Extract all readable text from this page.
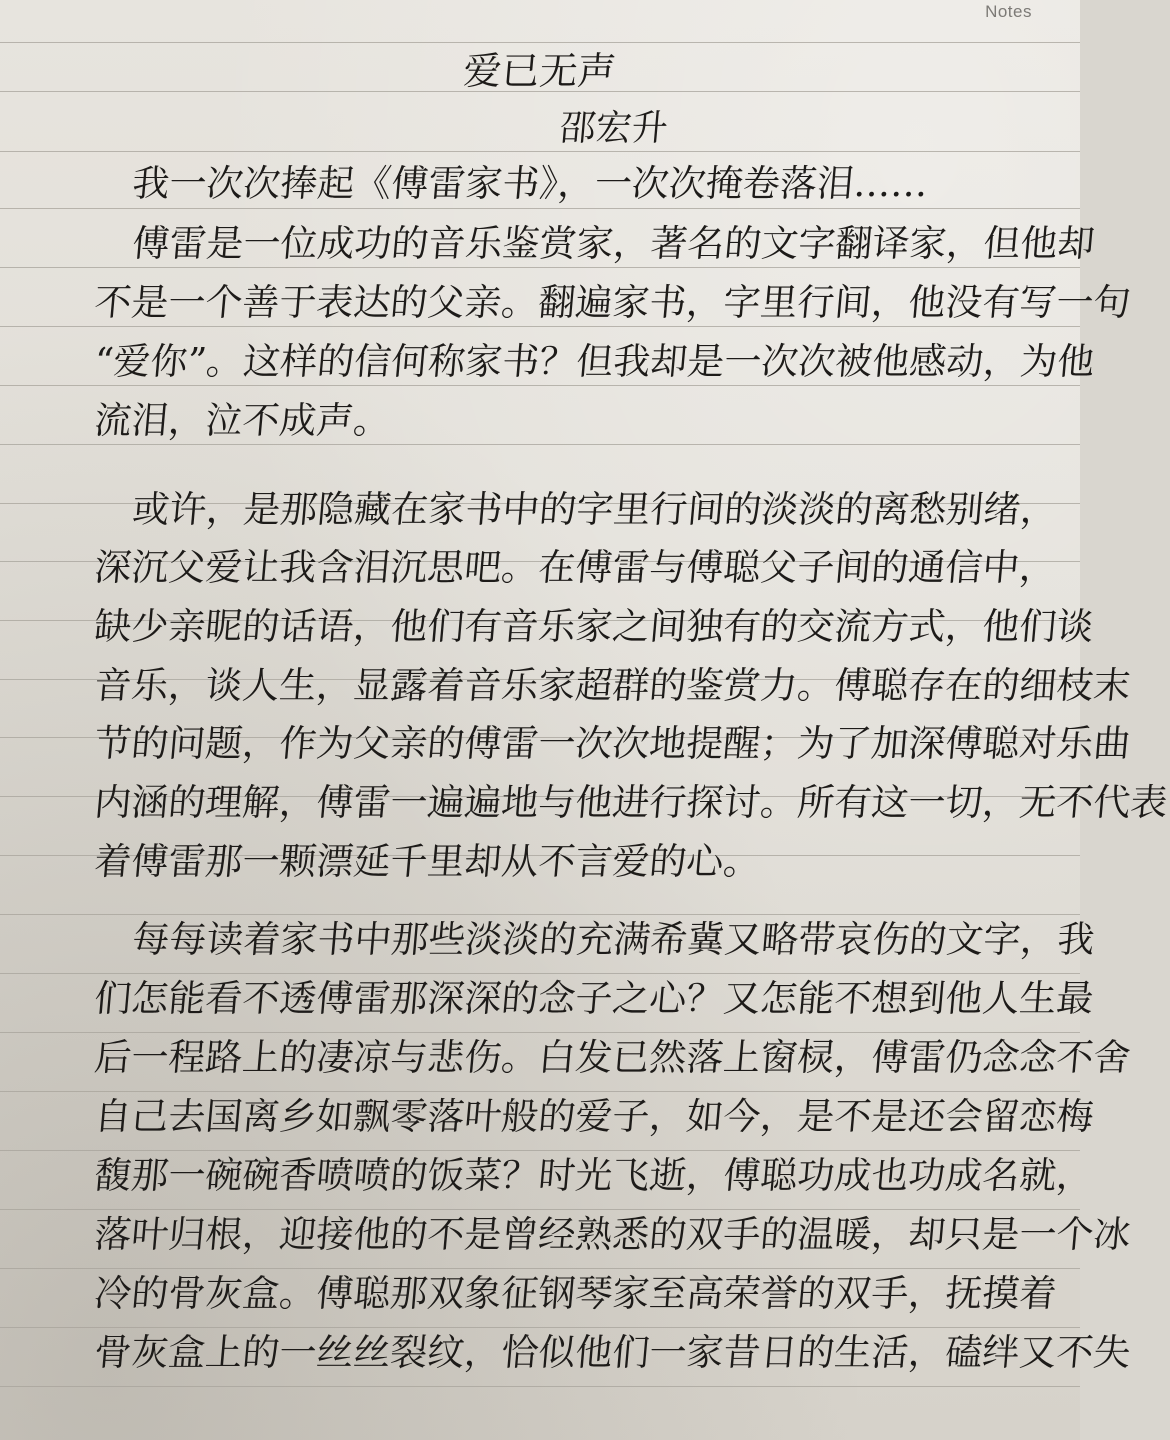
Notes
爱已无声
邵宏升
我一次次捧起《傅雷家书》，一次次掩卷落泪……
傅雷是一位成功的音乐鉴赏家，著名的文字翻译家，但他却
不是一个善于表达的父亲。翻遍家书，字里行间，他没有写一句
“爱你”。这样的信何称家书？但我却是一次次被他感动，为他
流泪，泣不成声。
或许，是那隐藏在家书中的字里行间的淡淡的离愁别绪，
深沉父爱让我含泪沉思吧。在傅雷与傅聪父子间的通信中，
缺少亲昵的话语，他们有音乐家之间独有的交流方式，他们谈
音乐，谈人生，显露着音乐家超群的鉴赏力。傅聪存在的细枝末
节的问题，作为父亲的傅雷一次次地提醒；为了加深傅聪对乐曲
内涵的理解，傅雷一遍遍地与他进行探讨。所有这一切，无不代表
着傅雷那一颗漂延千里却从不言爱的心。
每每读着家书中那些淡淡的充满希冀又略带哀伤的文字，我
们怎能看不透傅雷那深深的念子之心？又怎能不想到他人生最
后一程路上的凄凉与悲伤。白发已然落上窗棂，傅雷仍念念不舍
自己去国离乡如飘零落叶般的爱子，如今，是不是还会留恋梅
馥那一碗碗香喷喷的饭菜？时光飞逝，傅聪功成也功成名就，
落叶归根，迎接他的不是曾经熟悉的双手的温暖，却只是一个冰
冷的骨灰盒。傅聪那双象征钢琴家至高荣誉的双手，抚摸着
骨灰盒上的一丝丝裂纹，恰似他们一家昔日的生活，磕绊又不失
